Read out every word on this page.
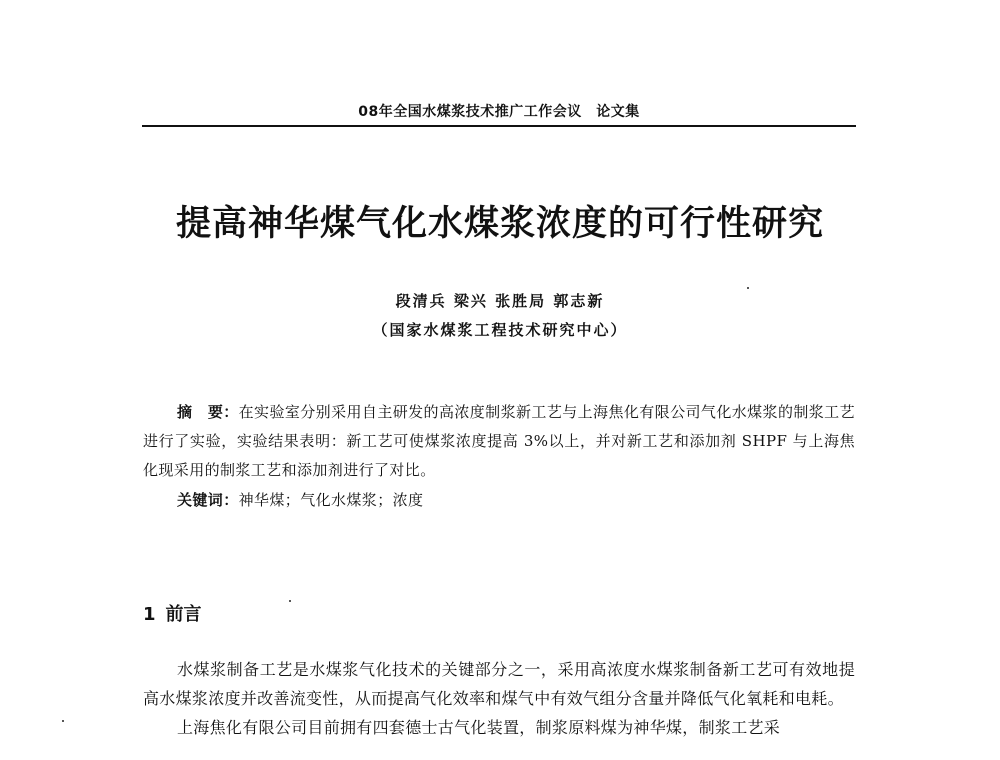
08年全国水煤浆技术推广工作会议　论文集
提高神华煤气化水煤浆浓度的可行性研究
段清兵 梁兴 张胜局 郭志新
（国家水煤浆工程技术研究中心）
摘　要：在实验室分别采用自主研发的高浓度制浆新工艺与上海焦化有限公司气化水煤浆的制浆工艺进行了实验，实验结果表明：新工艺可使煤浆浓度提高 3%以上，并对新工艺和添加剂 SHPF 与上海焦化现采用的制浆工艺和添加剂进行了对比。
关键词：神华煤；气化水煤浆；浓度
1 前言

水煤浆制备工艺是水煤浆气化技术的关键部分之一，采用高浓度水煤浆制备新工艺可有效地提高水煤浆浓度并改善流变性，从而提高气化效率和煤气中有效气组分含量并降低气化氧耗和电耗。

上海焦化有限公司目前拥有四套德士古气化装置，制浆原料煤为神华煤，制浆工艺采
